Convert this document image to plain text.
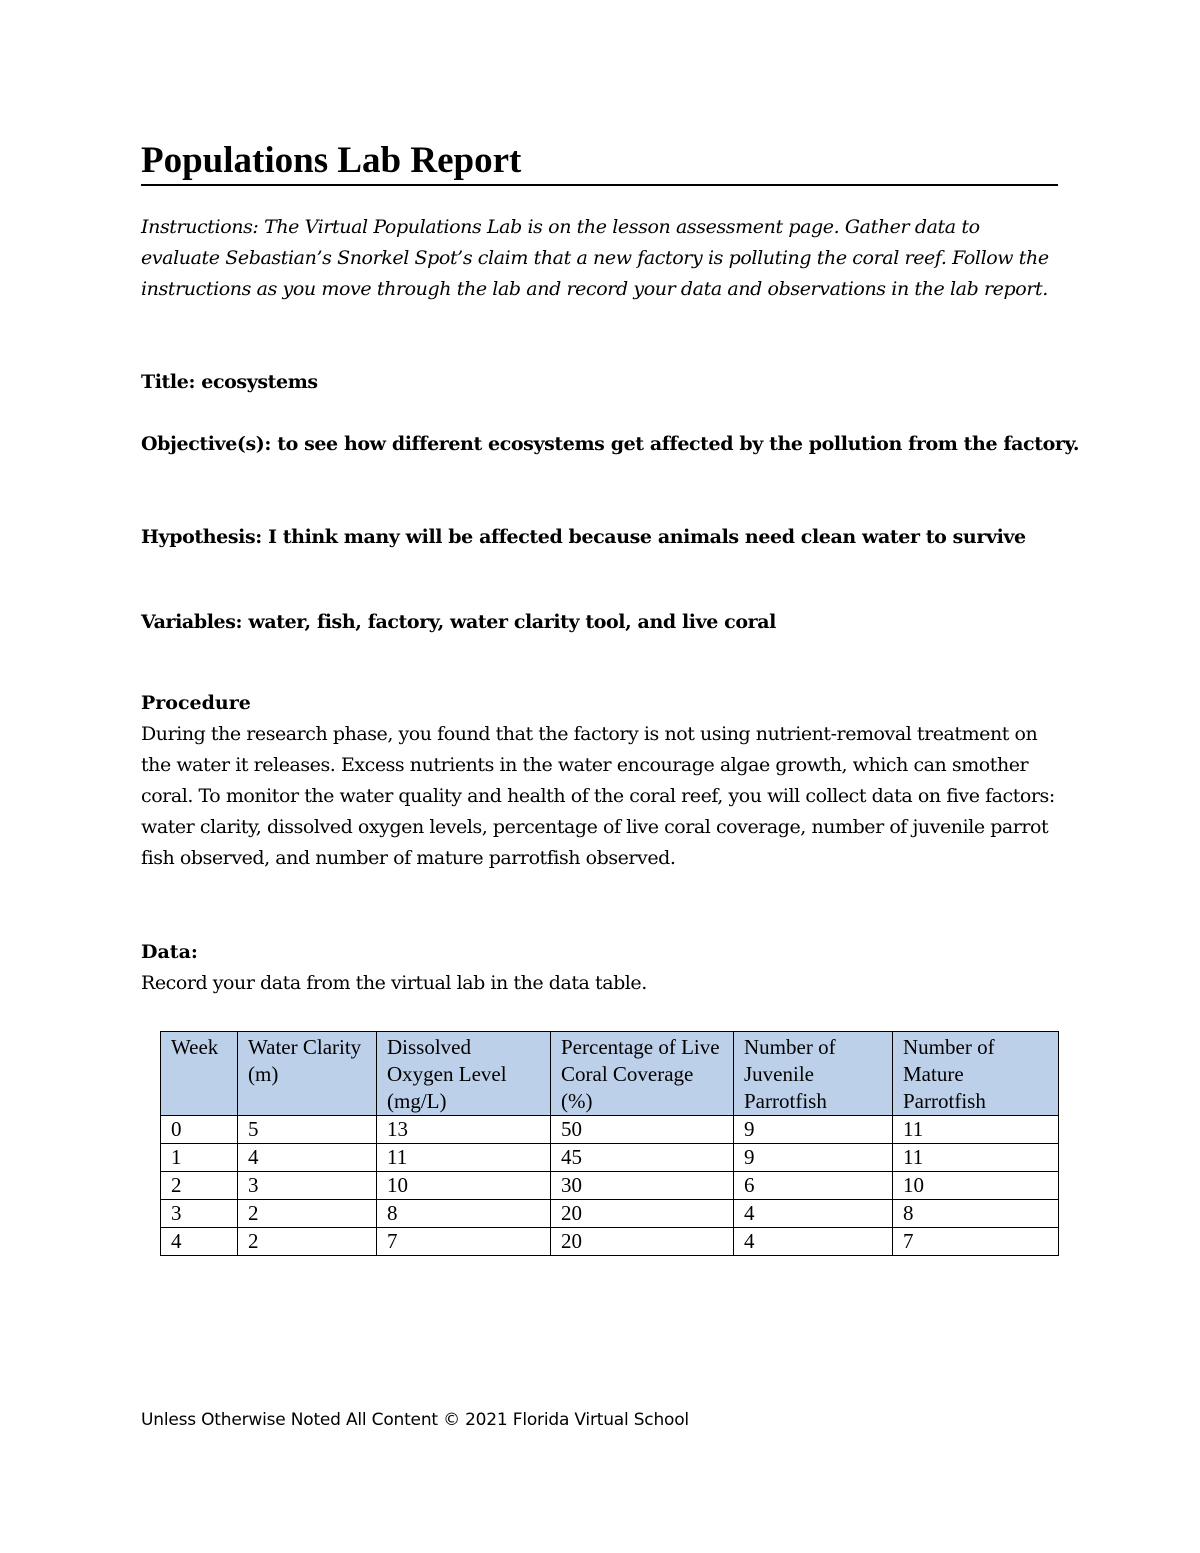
Populations Lab Report
Instructions: The Virtual Populations Lab is on the lesson assessment page. Gather data to evaluate Sebastian’s Snorkel Spot’s claim that a new factory is polluting the coral reef. Follow the instructions as you move through the lab and record your data and observations in the lab report.
Title: ecosystems
Objective(s): to see how different ecosystems get affected by the pollution from the factory.
Hypothesis: I think many will be affected because animals need clean water to survive
Variables: water, fish, factory, water clarity tool, and live coral
Procedure
During the research phase, you found that the factory is not using nutrient-removal treatment on the water it releases. Excess nutrients in the water encourage algae growth, which can smother coral. To monitor the water quality and health of the coral reef, you will collect data on five factors: water clarity, dissolved oxygen levels, percentage of live coral coverage, number of juvenile parrot fish observed, and number of mature parrotfish observed.
Data:
Record your data from the virtual lab in the data table.
Week	Water Clarity (m)	Dissolved Oxygen Level (mg/L)	Percentage of Live Coral Coverage (%)	Number of Juvenile Parrotfish	Number of Mature Parrotfish
0	5	13	50	9	11
1	4	11	45	9	11
2	3	10	30	6	10
3	2	8	20	4	8
4	2	7	20	4	7
Unless Otherwise Noted All Content © 2021 Florida Virtual School
